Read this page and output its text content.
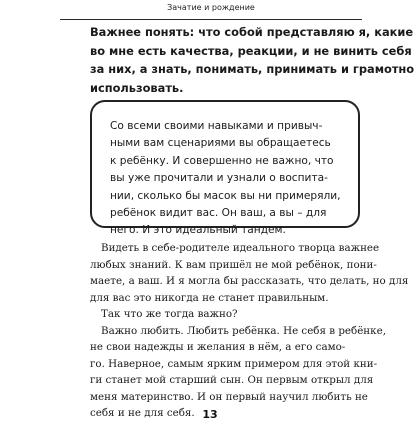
Зачатие и рождение
Важнее понять: что собой представляю я, какие
во мне есть качества, реакции, и не винить себя
за них, а знать, понимать, принимать и грамотно
использовать.
Со всеми своими навыками и привыч-
ными вам сценариями вы обращаетесь
к ребёнку. И совершенно не важно, что
вы уже прочитали и узнали о воспита-
нии, сколько бы масок вы ни примеряли,
ребёнок видит вас. Он ваш, а вы – для
него. И это идеальный тандем.
Видеть в себе-родителе идеального творца важнее
любых знаний. К вам пришёл не мой ребёнок, пони-
маете, а ваш. И я могла бы рассказать, что делать, но для
для вас это никогда не станет правильным.
Так что же тогда важно?
Важно любить. Любить ребёнка. Не себя в ребёнке,
не свои надежды и желания в нём, а его само-
го. Наверное, самым ярким примером для этой кни-
ги станет мой старший сын. Он первым открыл для
меня материнство. И он первый научил любить не
себя и не для себя. 13
